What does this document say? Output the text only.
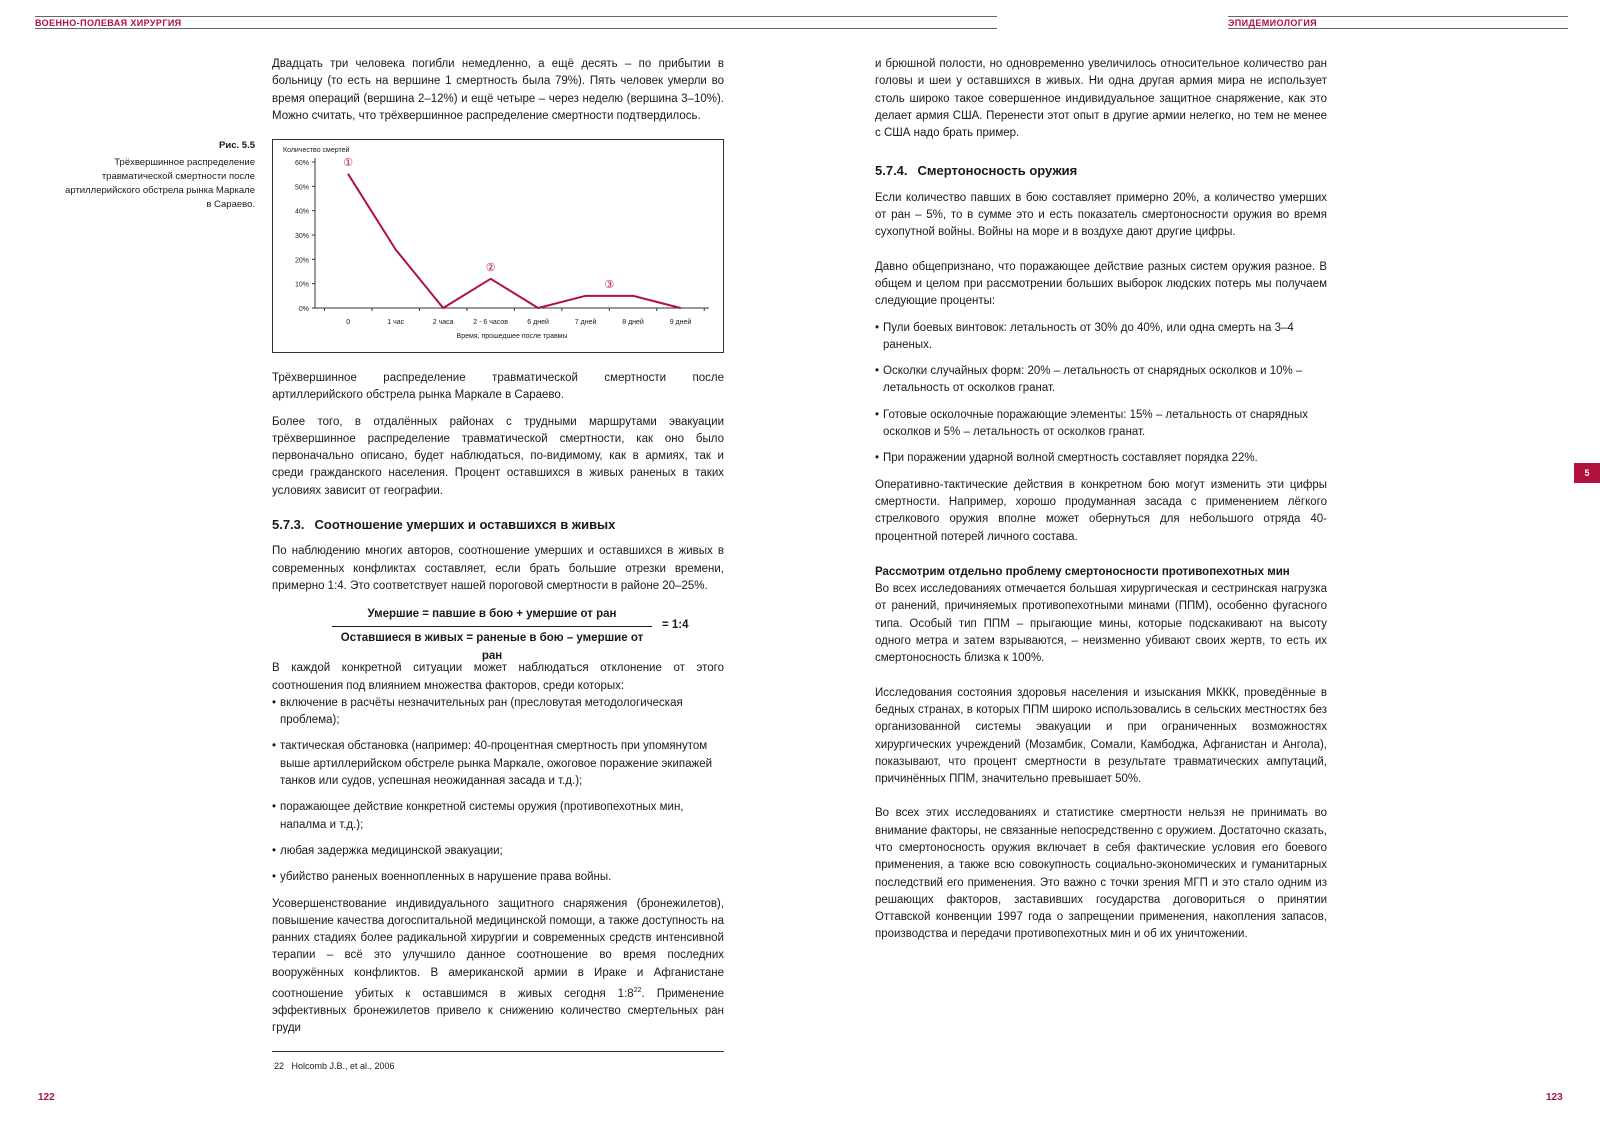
ВОЕННО-ПОЛЕВАЯ ХИРУРГИЯ	ЭПИДЕМИОЛОГИЯ

Двадцать три человека погибли немедленно, а ещё десять – по прибытии в больницу (то есть на вершине 1 смертность была 79%). Пять человек умерли во время операций (вершина 2–12%) и ещё четыре – через неделю (вершина 3–10%). Можно считать, что трёхвершинное распределение смертности подтвердилось.

Рис. 5.5
Трёхвершинное распределение травматической смертности после артиллерийского обстрела рынка Маркале в Сараево.
0%
10%
20%
30%
40%
50%
60%
0	1 час	2 часа	2 - 6 часов	6 дней	7 дней	8 дней	9 дней
Количество смертей
Время, прошедшее после травмы
①
②
③

Трёхвершинное распределение травматической смертности после артиллерийского обстрела рынка Маркале в Сараево.

Более того, в отдалённых районах с трудными маршрутами эвакуации трёхвершинное распределение травматической смертности, как оно было первоначально описано, будет наблюдаться, по-видимому, как в армиях, так и среди гражданского населения. Процент оставшихся в живых раненых в таких условиях зависит от географии.

5.7.3. Соотношение умерших и оставшихся в живых

По наблюдению многих авторов, соотношение умерших и оставшихся в живых в современных конфликтах составляет, если брать большие отрезки времени, примерно 1:4. Это соответствует нашей пороговой смертности в районе 20–25%.

Умершие = павшие в бою + умершие от ран
Оставшиеся в живых = раненые в бою – умершие от ран
= 1:4

В каждой конкретной ситуации может наблюдаться отклонение от этого соотношения под влиянием множества факторов, среди которых:

• включение в расчёты незначительных ран (пресловутая методологическая проблема);
• тактическая обстановка (например: 40-процентная смертность при упомянутом выше артиллерийском обстреле рынка Маркале, ожоговое поражение экипажей танков или судов, успешная неожиданная засада и т.д.);
• поражающее действие конкретной системы оружия (противопехотных мин, напалма и т.д.);
• любая задержка медицинской эвакуации;
• убийство раненых военнопленных в нарушение права войны.

Усовершенствование индивидуального защитного снаряжения (бронежилетов), повышение качества догоспитальной медицинской помощи, а также доступность на ранних стадиях более радикальной хирургии и современных средств интенсивной терапии – всё это улучшило данное соотношение во время последних вооружённых конфликтов. В американской армии в Ираке и Афганистане соотношение убитых к оставшимся в живых сегодня $1:8^{22}$. Применение эффективных бронежилетов привело к снижению количество смертельных ран груди

22   Holcomb J.B., et al., 2006
122

и брюшной полости, но одновременно увеличилось относительное количество ран головы и шеи у оставшихся в живых. Ни одна другая армия мира не использует столь широко такое совершенное индивидуальное защитное снаряжение, как это делает армия США. Перенести этот опыт в другие армии нелегко, но тем не менее с США надо брать пример.

5.7.4. Смертоносность оружия

Если количество павших в бою составляет примерно 20%, а количество умерших от ран – 5%, то в сумме это и есть показатель смертоносности оружия во время сухопутной войны. Войны на море и в воздухе дают другие цифры.

Давно общепризнано, что поражающее действие разных систем оружия разное. В общем и целом при рассмотрении больших выборок людских потерь мы получаем следующие проценты:

• Пули боевых винтовок: летальность от 30% до 40%, или одна смерть на 3–4 раненых.
• Осколки случайных форм: 20% – летальность от снарядных осколков и 10% – летальность от осколков гранат.
• Готовые осколочные поражающие элементы: 15% – летальность от снарядных осколков и 5% – летальность от осколков гранат.
• При поражении ударной волной смертность составляет порядка 22%.

Оперативно-тактические действия в конкретном бою могут изменить эти цифры смертности. Например, хорошо продуманная засада с применением лёгкого стрелкового оружия вполне может обернуться для небольшого отряда 40-процентной потерей личного состава.

Рассмотрим отдельно проблему смертоносности противопехотных мин

Во всех исследованиях отмечается большая хирургическая и сестринская нагрузка от ранений, причиняемых противопехотными минами (ППМ), особенно фугасного типа. Особый тип ППМ – прыгающие мины, которые подскакивают на высоту одного метра и затем взрываются, – неизменно убивают своих жертв, то есть их смертоносность близка к 100%.

Исследования состояния здоровья населения и изыскания МККК, проведённые в бедных странах, в которых ППМ широко использовались в сельских местностях без организованной системы эвакуации и при ограниченных возможностях хирургических учреждений (Мозамбик, Сомали, Камбоджа, Афганистан и Ангола), показывают, что процент смертности в результате травматических ампутаций, причинённых ППМ, значительно превышает 50%.

Во всех этих исследованиях и статистике смертности нельзя не принимать во внимание факторы, не связанные непосредственно с оружием. Достаточно сказать, что смертоносность оружия включает в себя фактические условия его боевого применения, а также всю совокупность социально-экономических и гуманитарных последствий его применения. Это важно с точки зрения МГП и это стало одним из решающих факторов, заставивших государства договориться о принятии Оттавской конвенции 1997 года о запрещении применения, накопления запасов, производства и передачи противопехотных мин и об их уничтожении.

5
123
